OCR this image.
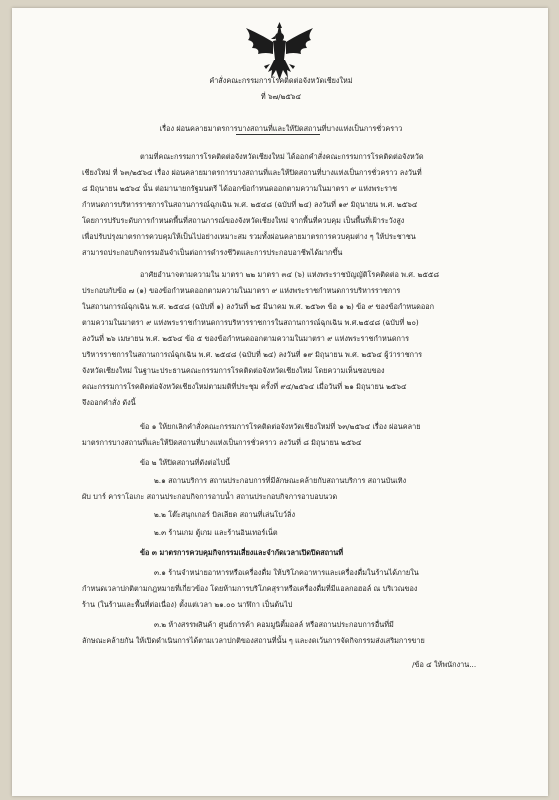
คำสั่งคณะกรรมการโรคติดต่อจังหวัดเชียงใหม่
ที่ ๖๗/๒๕๖๔
เรื่อง ผ่อนคลายมาตรการบางสถานที่และให้ปิดสถานที่บางแห่งเป็นการชั่วคราว
ตามที่คณะกรรมการโรคติดต่อจังหวัดเชียงใหม่ ได้ออกคำสั่งคณะกรรมการโรคติดต่อจังหวัด
เชียงใหม่ ที่ ๖๓/๒๕๖๔ เรื่อง ผ่อนคลายมาตรการบางสถานที่และให้ปิดสถานที่บางแห่งเป็นการชั่วคราว ลงวันที่
๘ มิถุนายน ๒๕๖๔ นั้น ต่อมานายกรัฐมนตรี ได้ออกข้อกำหนดออกตามความในมาตรา ๙ แห่งพระราช
กำหนดการบริหารราชการในสถานการณ์ฉุกเฉิน พ.ศ. ๒๕๔๘ (ฉบับที่ ๒๔) ลงวันที่ ๑๙ มิถุนายน พ.ศ. ๒๕๖๔
โดยการปรับระดับการกำหนดพื้นที่สถานการณ์ของจังหวัดเชียงใหม่ จากพื้นที่ควบคุม เป็นพื้นที่เฝ้าระวังสูง
เพื่อปรับปรุงมาตรการควบคุมให้เป็นไปอย่างเหมาะสม รวมทั้งผ่อนคลายมาตรการควบคุมต่าง ๆ ให้ประชาชน
สามารถประกอบกิจกรรมอันจำเป็นต่อการดำรงชีวิตและการประกอบอาชีพได้มากขึ้น
อาศัยอำนาจตามความใน มาตรา ๒๒ มาตรา ๓๔ (๖) แห่งพระราชบัญญัติโรคติดต่อ พ.ศ. ๒๕๕๘
ประกอบกับข้อ ๗ (๑) ของข้อกำหนดออกตามความในมาตรา ๙ แห่งพระราชกำหนดการบริหารราชการ
ในสถานการณ์ฉุกเฉิน พ.ศ. ๒๕๔๘ (ฉบับที่ ๑) ลงวันที่ ๒๕ มีนาคม พ.ศ. ๒๕๖๓ ข้อ ๑ ๒) ข้อ ๙ ของข้อกำหนดออก
ตามความในมาตรา ๙ แห่งพระราชกำหนดการบริหารราชการในสถานการณ์ฉุกเฉิน พ.ศ.๒๕๔๘ (ฉบับที่ ๒๐)
ลงวันที่ ๒๖ เมษายน พ.ศ. ๒๕๖๔ ข้อ ๕ ของข้อกำหนดออกตามความในมาตรา ๙ แห่งพระราชกำหนดการ
บริหารราชการในสถานการณ์ฉุกเฉิน พ.ศ. ๒๕๔๘ (ฉบับที่ ๒๔) ลงวันที่ ๑๙ มิถุนายน พ.ศ. ๒๕๖๔ ผู้ว่าราชการ
จังหวัดเชียงใหม่ ในฐานะประธานคณะกรรมการโรคติดต่อจังหวัดเชียงใหม่ โดยความเห็นชอบของ
คณะกรรมการโรคติดต่อจังหวัดเชียงใหม่ตามมติที่ประชุม ครั้งที่ ๙๔/๒๕๖๔ เมื่อวันที่ ๒๑ มิถุนายน ๒๕๖๔
จึงออกคำสั่ง ดังนี้
ข้อ ๑ ให้ยกเลิกคำสั่งคณะกรรมการโรคติดต่อจังหวัดเชียงใหม่ที่ ๖๓/๒๕๖๔ เรื่อง ผ่อนคลาย
มาตรการบางสถานที่และให้ปิดสถานที่บางแห่งเป็นการชั่วคราว ลงวันที่ ๘ มิถุนายน ๒๕๖๔
ข้อ ๒ ให้ปิดสถานที่ดังต่อไปนี้
๒.๑ สถานบริการ สถานประกอบการที่มีลักษณะคล้ายกับสถานบริการ สถานบันเทิง
ผับ บาร์ คาราโอเกะ สถานประกอบกิจการอาบน้ำ สถานประกอบกิจการอาบอบนวด
๒.๒ โต๊ะสนุกเกอร์ บิลเลียด สถานที่เล่นโบว์ลิ่ง
๒.๓ ร้านเกม ตู้เกม และร้านอินเทอร์เน็ต
ข้อ ๓ มาตรการควบคุมกิจกรรมเสี่ยงและจำกัดเวลาเปิดปิดสถานที่
๓.๑ ร้านจำหน่ายอาหารหรือเครื่องดื่ม ให้บริโภคอาหารและเครื่องดื่มในร้านได้ภายใน
กำหนดเวลาปกติตามกฎหมายที่เกี่ยวข้อง โดยห้ามการบริโภคสุราหรือเครื่องดื่มที่มีแอลกอฮอล์ ณ บริเวณของ
ร้าน (ในร้านและพื้นที่ต่อเนื่อง) ตั้งแต่เวลา ๒๑.๐๐ นาฬิกา เป็นต้นไป
๓.๒ ห้างสรรพสินค้า ศูนย์การค้า คอมมูนิตี้มอลล์ หรือสถานประกอบการอื่นที่มี
ลักษณะคล้ายกัน ให้เปิดดำเนินการได้ตามเวลาปกติของสถานที่นั้น ๆ และงดเว้นการจัดกิจกรรมส่งเสริมการขาย
/ข้อ ๔ ให้พนักงาน...
